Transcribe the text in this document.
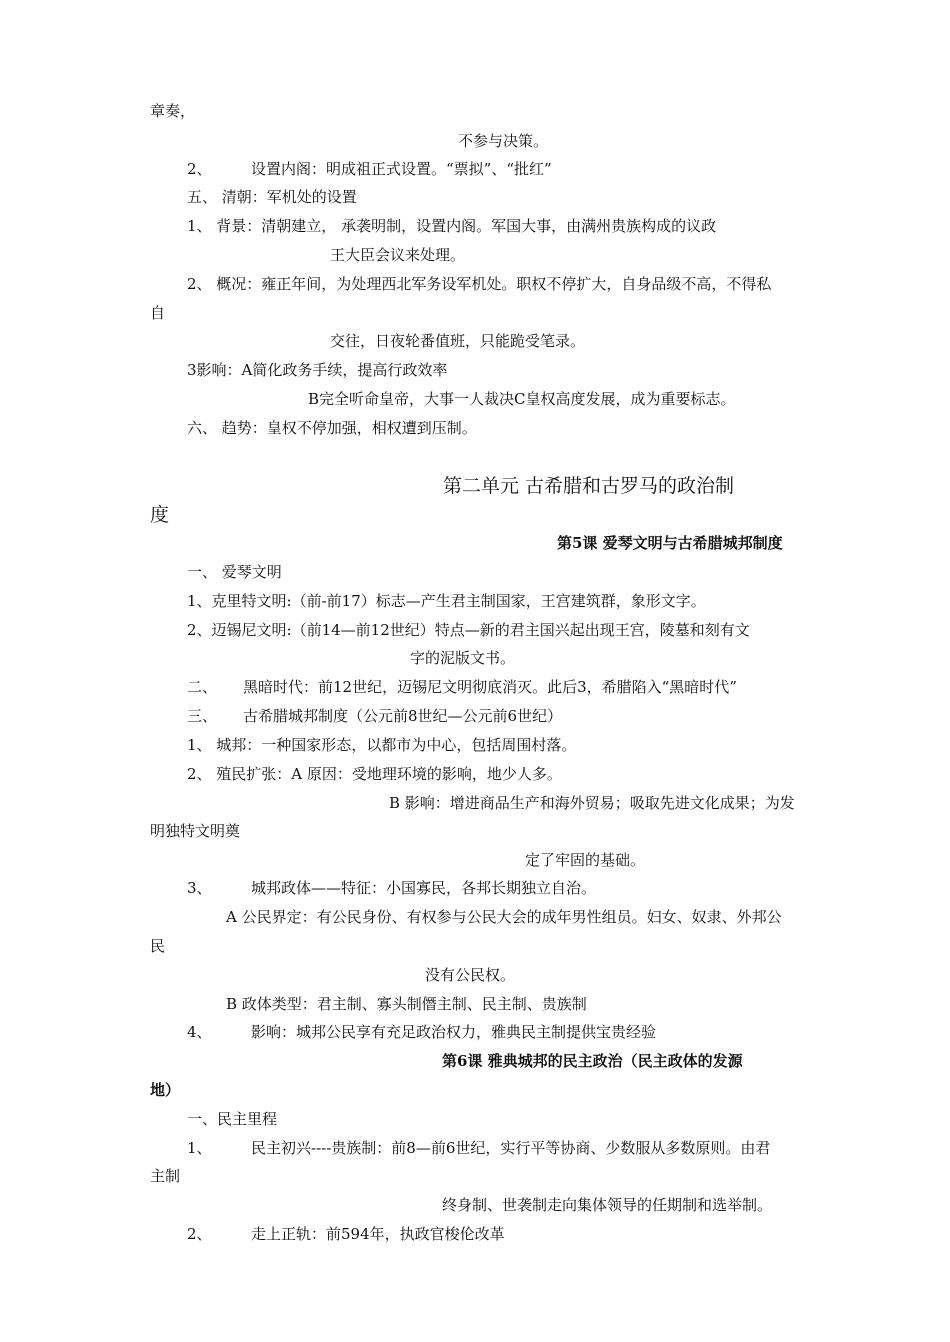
章奏，
不参与决策。
2、	设置内阁：明成祖正式设置。“票拟”、“批红”
五、 清朝：军机处的设置
1、 背景：清朝建立， 承袭明制，设置内阁。军国大事，由满州贵族构成的议政
王大臣会议来处理。
2、 概况：雍正年间，为处理西北军务设军机处。职权不停扩大，自身品级不高，不得私
自
交往，日夜轮番值班，只能跪受笔录。
3影响：A简化政务手续，提高行政效率
B完全听命皇帝，大事一人裁决C皇权高度发展，成为重要标志。
六、 趋势：皇权不停加强，相权遭到压制。
第二单元 古希腊和古罗马的政治制
度
第5课 爱琴文明与古希腊城邦制度
一、 爱琴文明
1、克里特文明:（前-前17）标志—产生君主制国家，王宫建筑群，象形文字。
2、迈锡尼文明:（前14—前12世纪）特点—新的君主国兴起出现王宫，陵墓和刻有文
字的泥版文书。
二、 黑暗时代：前12世纪，迈锡尼文明彻底消灭。此后3，希腊陷入“黑暗时代”
三、 古希腊城邦制度（公元前8世纪—公元前6世纪）
1、 城邦：一种国家形态，以都市为中心，包括周围村落。
2、 殖民扩张：A 原因：受地理环境的影响，地少人多。
B 影响：增进商品生产和海外贸易；吸取先进文化成果；为发
明独特文明奠
定了牢固的基础。
3、	城邦政体——特征：小国寡民，各邦长期独立自治。
A 公民界定：有公民身份、有权参与公民大会的成年男性组员。妇女、奴隶、外邦公
民
没有公民权。
B 政体类型：君主制、寡头制僭主制、民主制、贵族制
4、	影响：城邦公民享有充足政治权力，雅典民主制提供宝贵经验
第6课 雅典城邦的民主政治（民主政体的发源
地）
一、民主里程
1、	民主初兴----贵族制：前8—前6世纪，实行平等协商、少数服从多数原则。由君
主制
终身制、世袭制走向集体领导的任期制和选举制。
2、	走上正轨：前594年，执政官梭伦改革
